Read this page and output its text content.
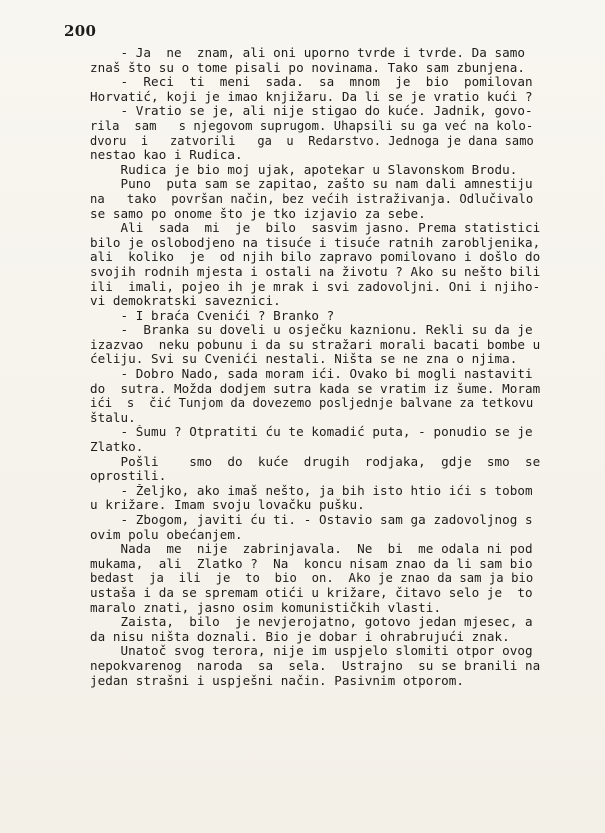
200
- Ja  ne  znam, ali oni uporno tvrde i tvrde. Da samo
znaš što su o tome pisali po novinama. Tako sam zbunjena.
-  Reci  ti  meni  sada.  sa  mnom  je  bio  pomilovan
Horvatić, koji je imao knjižaru. Da li se je vratio kući ?
- Vratio se je, ali nije stigao do kuće. Jadnik, govo-
rila  sam   s njegovom suprugom. Uhapsili su ga već na kolo-
dvoru  i   zatvorili   ga  u  Redarstvo. Jednoga je dana samo
nestao kao i Rudica.
Rudica je bio moj ujak, apotekar u Slavonskom Brodu.
Puno  puta sam se zapitao, zašto su nam dali amnestiju
na   tako  površan način, bez većih istraživanja. Odlučivalo
se samo po onome što je tko izjavio za sebe.
Ali  sada  mi  je  bilo  sasvim jasno. Prema statistici
bilo je oslobodjeno na tisuće i tisuće ratnih zarobljenika,
ali  koliko  je  od njih bilo zapravo pomilovano i došlo do
svojih rodnih mjesta i ostali na životu ? Ako su nešto bili
ili  imali, pojeo ih je mrak i svi zadovoljni. Oni i njiho-
vi demokratski saveznici.
- I braća Cvenići ? Branko ?
-  Branka su doveli u osječku kaznionu. Rekli su da je
izazvao  neku pobunu i da su stražari morali bacati bombe u
ćeliju. Svi su Cvenići nestali. Ništa se ne zna o njima.
- Dobro Nado, sada moram ići. Ovako bi mogli nastaviti
do  sutra. Možda dodjem sutra kada se vratim iz šume. Moram
ići  s  čić Tunjom da dovezemo posljednje balvane za tetkovu
štalu.
- Šumu ? Otpratiti ću te komadić puta, - ponudio se je
Zlatko.
Pošli    smo  do  kuće  drugih  rodjaka,  gdje  smo  se
oprostili.
- Željko, ako imaš nešto, ja bih isto htio ići s tobom
u križare. Imam svoju lovačku pušku.
- Zbogom, javiti ću ti. - Ostavio sam ga zadovoljnog s
ovim polu obećanjem.
Nada  me  nije  zabrinjavala.  Ne  bi  me odala ni pod
mukama,  ali  Zlatko ?  Na  koncu nisam znao da li sam bio
bedast  ja  ili  je  to  bio  on.  Ako je znao da sam ja bio
ustaša i da se spremam otići u križare, čitavo selo je  to
maralo znati, jasno osim komunističkih vlasti.
Zaista,  bilo  je nevjerojatno, gotovo jedan mjesec, a
da nisu ništa doznali. Bio je dobar i ohrabrujući znak.
Unatoč svog terora, nije im uspjelo slomiti otpor ovog
nepokvarenog  naroda  sa  sela.  Ustrajno  su se branili na
jedan strašni i uspješni način. Pasivnim otporom.
